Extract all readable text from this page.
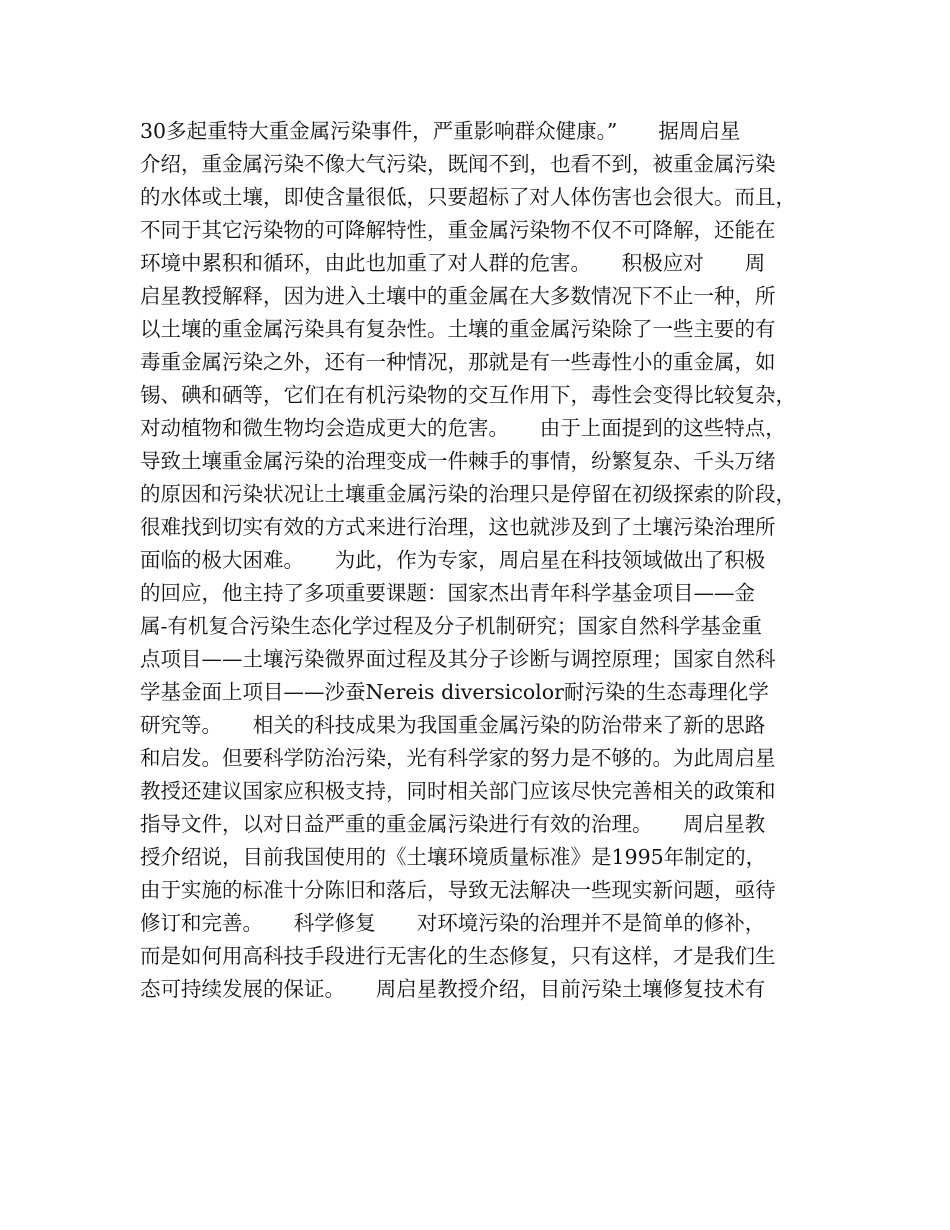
30多起重特大重金属污染事件，严重影响群众健康。”　　据周启星
介绍，重金属污染不像大气污染，既闻不到，也看不到，被重金属污染
的水体或土壤，即使含量很低，只要超标了对人体伤害也会很大。而且，
不同于其它污染物的可降解特性，重金属污染物不仅不可降解，还能在
环境中累积和循环，由此也加重了对人群的危害。　　积极应对　　周
启星教授解释，因为进入土壤中的重金属在大多数情况下不止一种，所
以土壤的重金属污染具有复杂性。土壤的重金属污染除了一些主要的有
毒重金属污染之外，还有一种情况，那就是有一些毒性小的重金属，如
锡、碘和硒等，它们在有机污染物的交互作用下，毒性会变得比较复杂，
对动植物和微生物均会造成更大的危害。　　由于上面提到的这些特点，
导致土壤重金属污染的治理变成一件棘手的事情，纷繁复杂、千头万绪
的原因和污染状况让土壤重金属污染的治理只是停留在初级探索的阶段，
很难找到切实有效的方式来进行治理，这也就涉及到了土壤污染治理所
面临的极大困难。　　为此，作为专家，周启星在科技领域做出了积极
的回应，他主持了多项重要课题：国家杰出青年科学基金项目——金
属-有机复合污染生态化学过程及分子机制研究；国家自然科学基金重
点项目——土壤污染微界面过程及其分子诊断与调控原理；国家自然科
学基金面上项目——沙蚕Nereis diversicolor耐污染的生态毒理化学
研究等。　　相关的科技成果为我国重金属污染的防治带来了新的思路
和启发。但要科学防治污染，光有科学家的努力是不够的。为此周启星
教授还建议国家应积极支持，同时相关部门应该尽快完善相关的政策和
指导文件，以对日益严重的重金属污染进行有效的治理。　　周启星教
授介绍说，目前我国使用的《土壤环境质量标准》是1995年制定的，
由于实施的标准十分陈旧和落后，导致无法解决一些现实新问题，亟待
修订和完善。　　科学修复　　对环境污染的治理并不是简单的修补，
而是如何用高科技手段进行无害化的生态修复，只有这样，才是我们生
态可持续发展的保证。　　周启星教授介绍，目前污染土壤修复技术有
